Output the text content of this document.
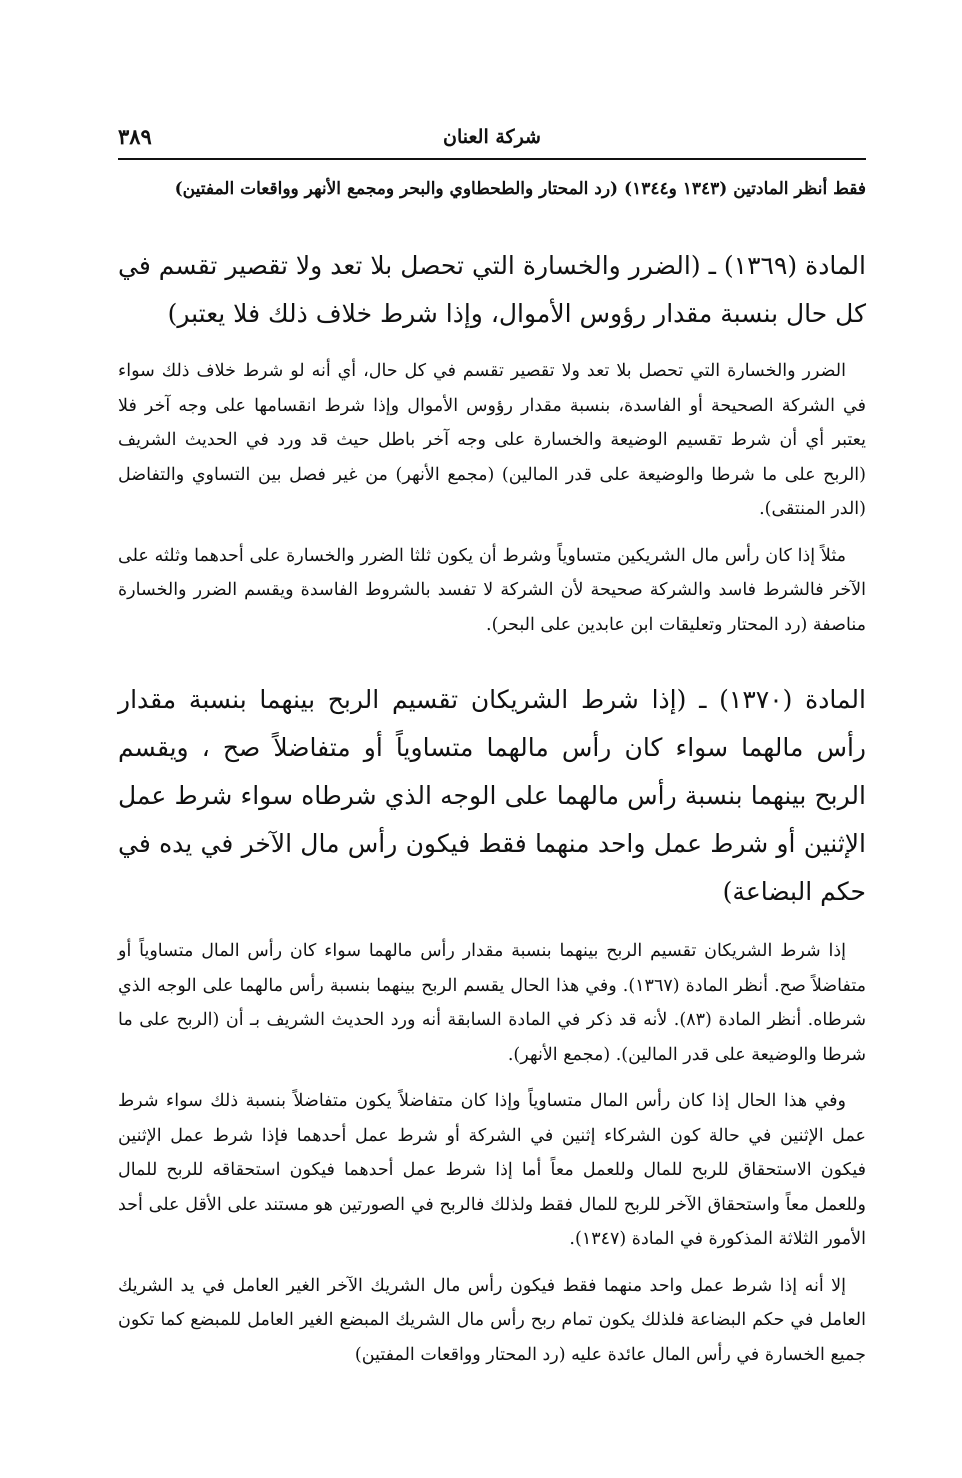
شركة العنان
٣٨٩
فقط أنظر المادتين (١٣٤٣ و١٣٤٤) (رد المحتار والطحطاوي والبحر ومجمع الأنهر وواقعات المفتين)
المادة (١٣٦٩) ـ (الضرر والخسارة التي تحصل بلا تعد ولا تقصير تقسم في كل حال بنسبة مقدار رؤوس الأموال، وإذا شرط خلاف ذلك فلا يعتبر)
الضرر والخسارة التي تحصل بلا تعد ولا تقصير تقسم في كل حال، أي أنه لو شرط خلاف ذلك سواء في الشركة الصحيحة أو الفاسدة، بنسبة مقدار رؤوس الأموال وإذا شرط انقسامها على وجه آخر فلا يعتبر أي أن شرط تقسيم الوضيعة والخسارة على وجه آخر باطل حيث قد ورد في الحديث الشريف (الربح على ما شرطا والوضيعة على قدر المالين) (مجمع الأنهر) من غير فصل بين التساوي والتفاضل (الدر المنتقى).
مثلاً إذا كان رأس مال الشريكين متساوياً وشرط أن يكون ثلثا الضرر والخسارة على أحدهما وثلثه على الآخر فالشرط فاسد والشركة صحيحة لأن الشركة لا تفسد بالشروط الفاسدة ويقسم الضرر والخسارة مناصفة (رد المحتار وتعليقات ابن عابدين على البحر).
المادة (١٣٧٠) ـ (إذا شرط الشريكان تقسيم الربح بينهما بنسبة مقدار رأس مالهما سواء كان رأس مالهما متساوياً أو متفاضلاً صح ، ويقسم الربح بينهما بنسبة رأس مالهما على الوجه الذي شرطاه سواء شرط عمل الإثنين أو شرط عمل واحد منهما فقط فيكون رأس مال الآخر في يده في حكم البضاعة)
إذا شرط الشريكان تقسيم الربح بينهما بنسبة مقدار رأس مالهما سواء كان رأس المال متساوياً أو متفاضلاً صح. أنظر المادة (١٣٦٧). وفي هذا الحال يقسم الربح بينهما بنسبة رأس مالهما على الوجه الذي شرطاه. أنظر المادة (٨٣). لأنه قد ذكر في المادة السابقة أنه ورد الحديث الشريف بـ أن (الربح على ما شرطا والوضيعة على قدر المالين). (مجمع الأنهر).
وفي هذا الحال إذا كان رأس المال متساوياً وإذا كان متفاضلاً يكون متفاضلاً بنسبة ذلك سواء شرط عمل الإثنين في حالة كون الشركاء إثنين في الشركة أو شرط عمل أحدهما فإذا شرط عمل الإثنين فيكون الاستحقاق للربح للمال وللعمل معاً أما إذا شرط عمل أحدهما فيكون استحقاقه للربح للمال وللعمل معاً واستحقاق الآخر للربح للمال فقط ولذلك فالربح في الصورتين هو مستند على الأقل على أحد الأمور الثلاثة المذكورة في المادة (١٣٤٧).
إلا أنه إذا شرط عمل واحد منهما فقط فيكون رأس مال الشريك الآخر الغير العامل في يد الشريك العامل في حكم البضاعة فلذلك يكون تمام ربح رأس مال الشريك المبضع الغير العامل للمبضع كما تكون جميع الخسارة في رأس المال عائدة عليه (رد المحتار وواقعات المفتين)
